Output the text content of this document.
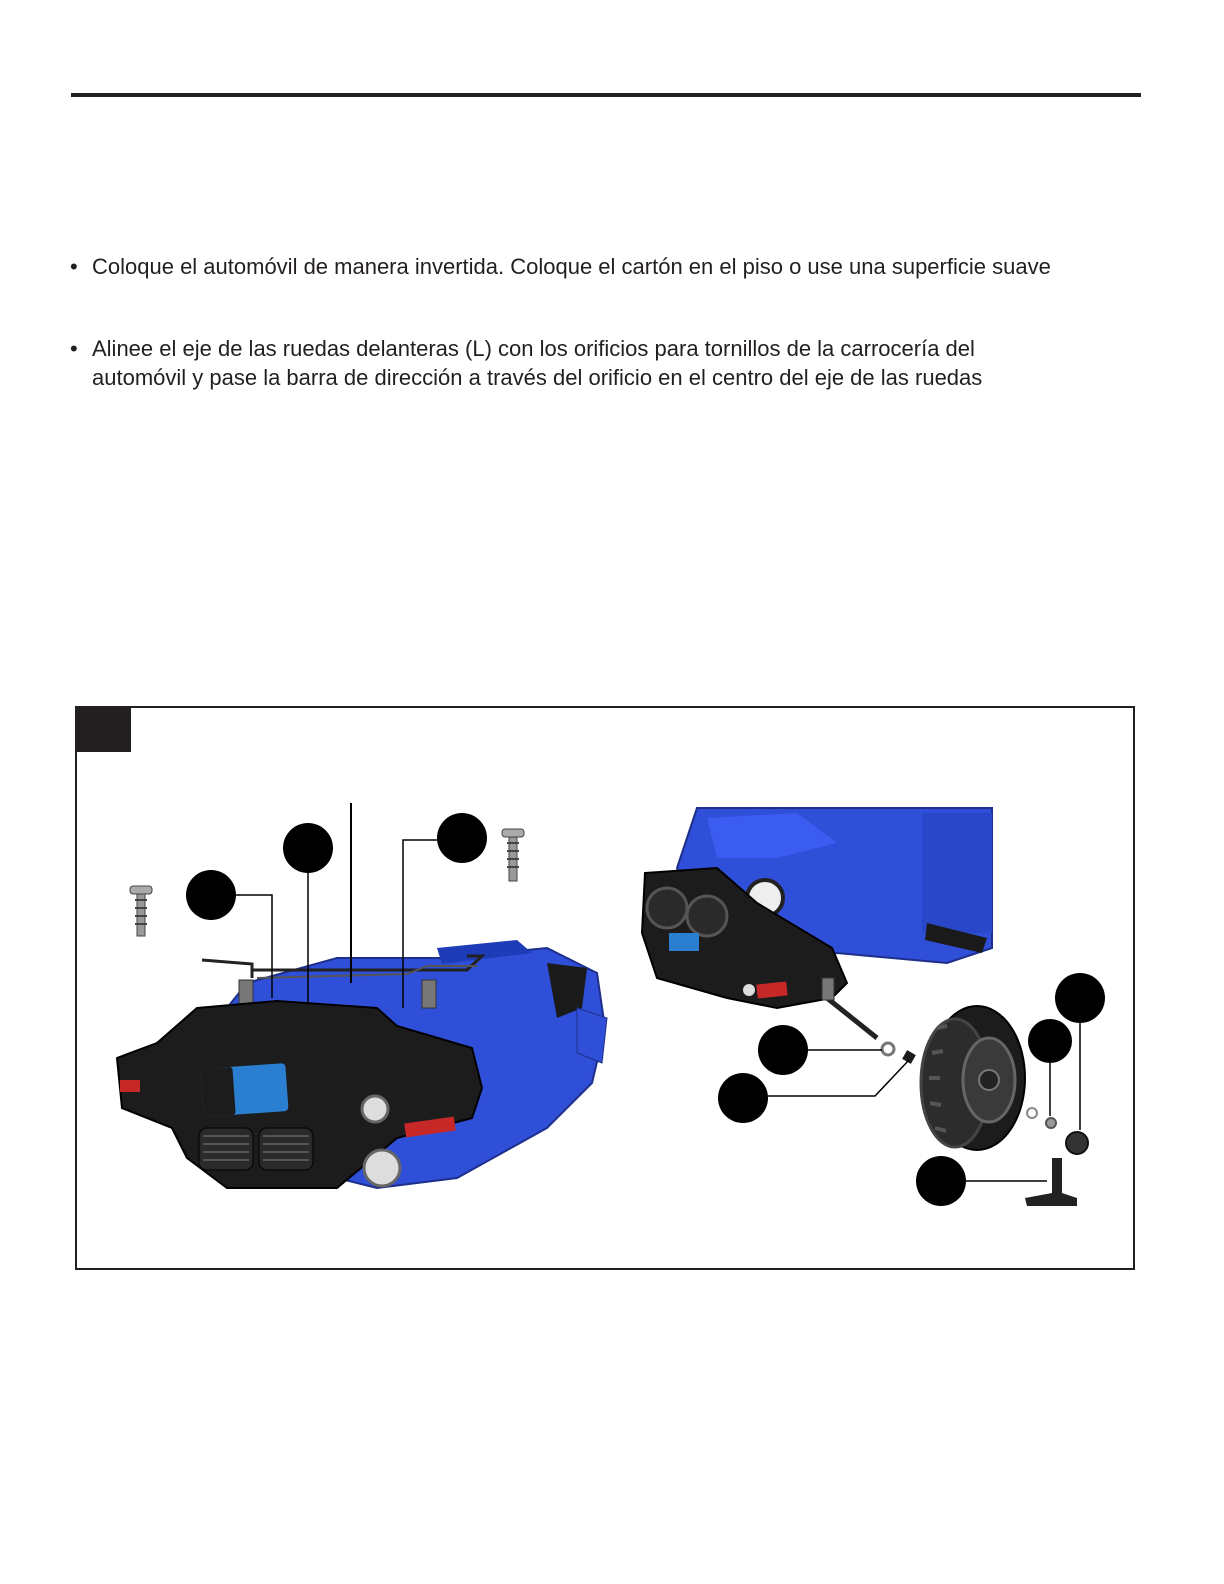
• Coloque el automóvil de manera invertida. Coloque el cartón en el piso o use una superficie suave
• Alinee el eje de las ruedas delanteras (L) con los orificios para tornillos de la carrocería del
automóvil y pase la barra de dirección a través del orificio en el centro del eje de las ruedas
